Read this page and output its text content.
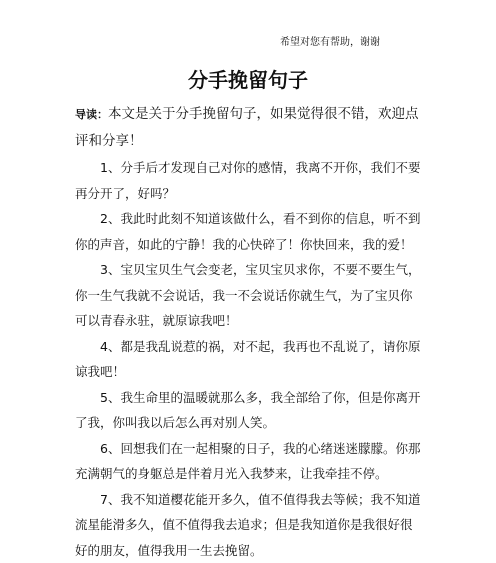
希望对您有帮助，谢谢
分手挽留句子

导读：本文是关于分手挽留句子，如果觉得很不错，欢迎点评和分享！

1、分手后才发现自己对你的感情，我离不开你，我们不要再分开了，好吗？

2、我此时此刻不知道该做什么，看不到你的信息，听不到你的声音，如此的宁静！我的心快碎了！你快回来，我的爱！

3、宝贝宝贝生气会变老，宝贝宝贝求你，不要不要生气，你一生气我就不会说话，我一不会说话你就生气，为了宝贝你可以青春永驻，就原谅我吧！

4、都是我乱说惹的祸，对不起，我再也不乱说了，请你原谅我吧！

5、我生命里的温暖就那么多，我全部给了你，但是你离开了我，你叫我以后怎么再对别人笑。

6、回想我们在一起相聚的日子，我的心绪迷迷朦朦。你那充满朝气的身躯总是伴着月光入我梦来，让我牵挂不停。

7、我不知道樱花能开多久，值不值得我去等候；我不知道流星能滑多久，值不值得我去追求；但是我知道你是我很好很好的朋友，值得我用一生去挽留。
